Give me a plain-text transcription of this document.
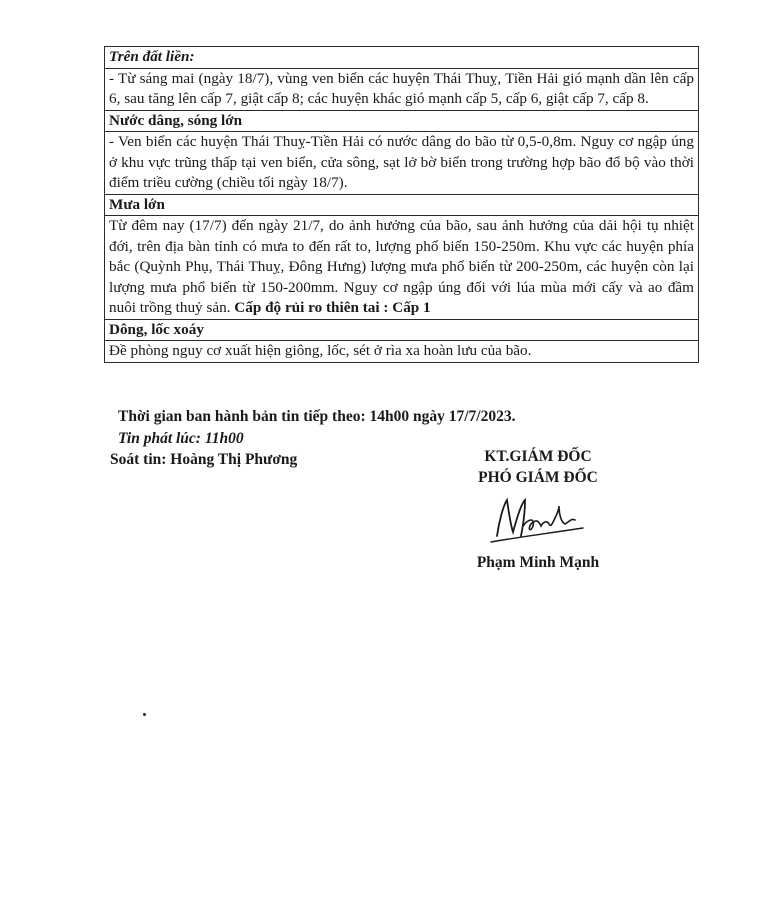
Trên đất liền:
- Từ sáng mai (ngày 18/7), vùng ven biển các huyện Thái Thuỵ, Tiền Hải gió mạnh dần lên cấp 6, sau tăng lên cấp 7, giật cấp 8; các huyện khác gió mạnh cấp 5, cấp 6, giật cấp 7, cấp 8.
Nước dâng, sóng lớn
- Ven biển các huyện Thái Thuỵ-Tiền Hải có nước dâng do bão từ 0,5-0,8m. Nguy cơ ngập úng ở khu vực trũng thấp tại ven biển, cửa sông, sạt lở bờ biển trong trường hợp bão đổ bộ vào thời điểm triều cường (chiều tối ngày 18/7).
Mưa lớn
Từ đêm nay (17/7) đến ngày 21/7, do ảnh hưởng của bão, sau ảnh hưởng của dải hội tụ nhiệt đới, trên địa bàn tỉnh có mưa to đến rất to, lượng phổ biến 150-250m. Khu vực các huyện phía bắc (Quỳnh Phụ, Thái Thuỵ, Đông Hưng) lượng mưa phổ biến từ 200-250m, các huyện còn lại lượng mưa phổ biến từ 150-200mm. Nguy cơ ngập úng đối với lúa mùa mới cấy và ao đầm nuôi trồng thuỷ sản. Cấp độ rủi ro thiên tai : Cấp 1
Dông, lốc xoáy
Đề phòng nguy cơ xuất hiện giông, lốc, sét ở rìa xa hoàn lưu của bão.
Thời gian ban hành bản tin tiếp theo: 14h00 ngày 17/7/2023.
Tin phát lúc: 11h00
Soát tin: Hoàng Thị Phương	KT.GIÁM ĐỐC
PHÓ GIÁM ĐỐC
Phạm Minh Mạnh
